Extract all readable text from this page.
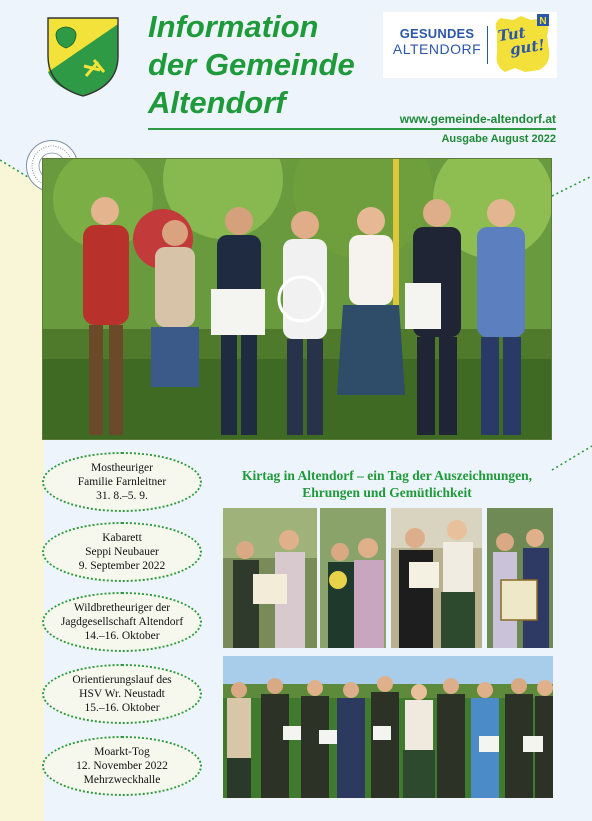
Information
der Gemeinde
Altendorf
GESUNDES
ALTENDORF
N
Tut
gut!
www.gemeinde-altendorf.at
Ausgabe August 2022
Mostheuriger
Familie Farnleitner
31. 8.–5. 9.
Kabarett
Seppi Neubauer
9. September 2022
Wildbretheuriger der
Jagdgesellschaft Altendorf
14.–16. Oktober
Orientierungslauf des
HSV Wr. Neustadt
15.–16. Oktober
Moarkt-Tog
12. November 2022
Mehrzweckhalle
Kirtag in Altendorf – ein Tag der Auszeichnungen,
Ehrungen und Gemütlichkeit
